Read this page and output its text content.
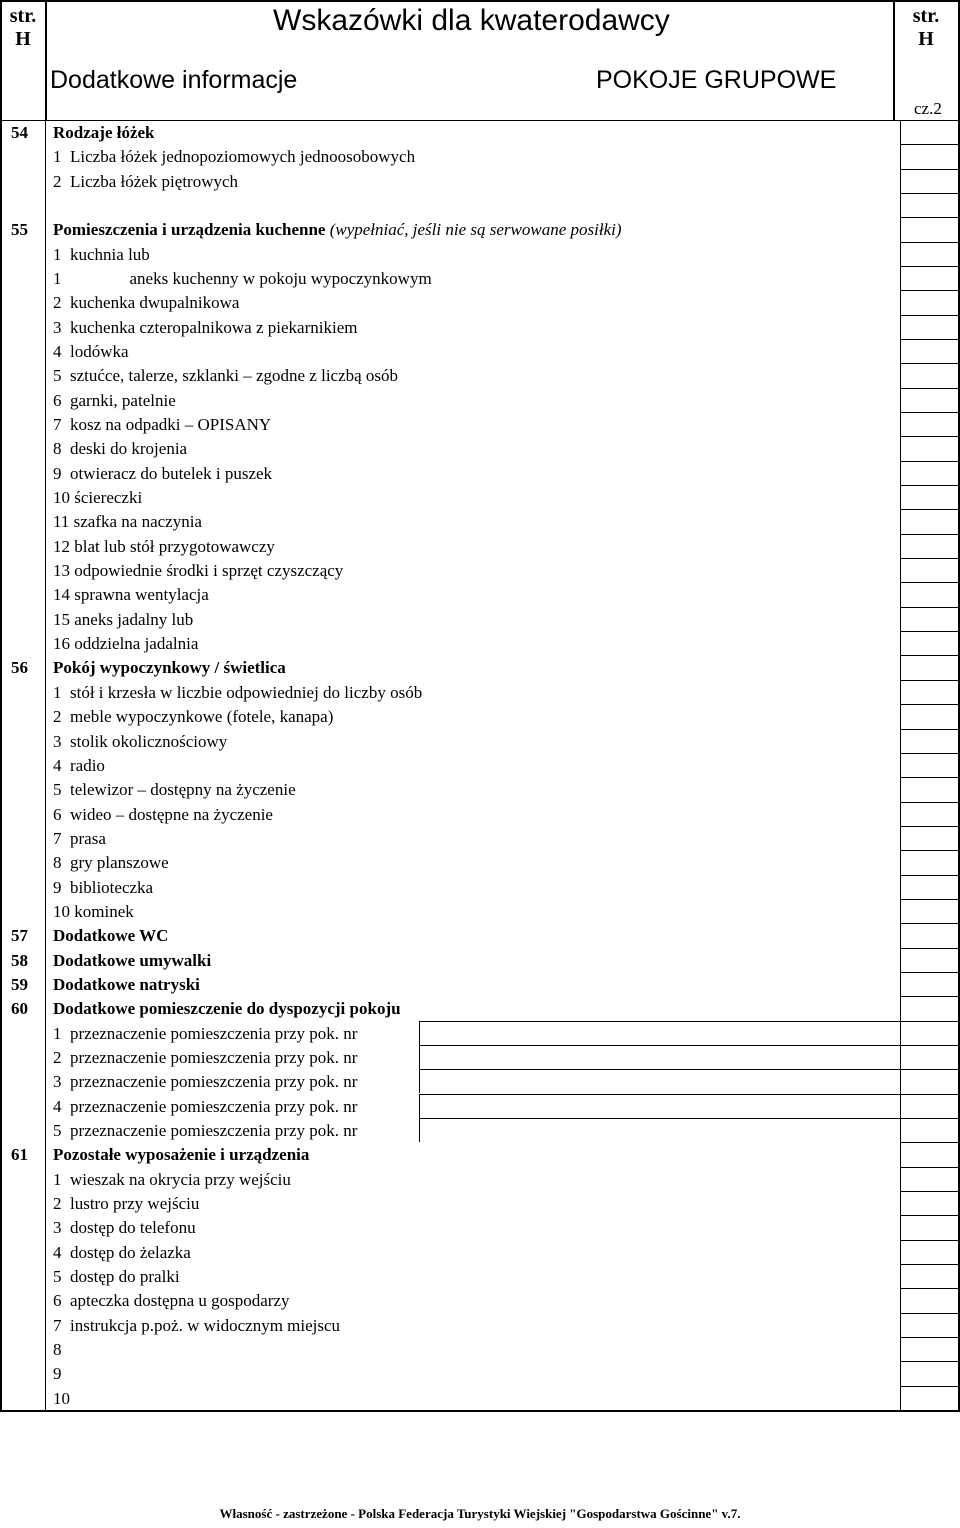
str.
H
Wskazówki dla kwaterodawcy	str.
H
Dodatkowe informacje	POKOJE GRUPOWE
cz.2
54 Rodzaje łóżek
1  Liczba łóżek jednopoziomowych jednoosobowych
2  Liczba łóżek piętrowych
55 Pomieszczenia i urządzenia kuchenne (wypełniać, jeśli nie są serwowane posiłki)
1  kuchnia lub
1                aneks kuchenny w pokoju wypoczynkowym
2  kuchenka dwupalnikowa
3  kuchenka czteropalnikowa z piekarnikiem
4  lodówka
5  sztućce, talerze, szklanki – zgodne z liczbą osób
6  garnki, patelnie
7  kosz na odpadki – OPISANY
8  deski do krojenia
9  otwieracz do butelek i puszek
10 ściereczki
11 szafka na naczynia
12 blat lub stół przygotowawczy
13 odpowiednie środki i sprzęt czyszczący
14 sprawna wentylacja
15 aneks jadalny lub
16 oddzielna jadalnia
56 Pokój wypoczynkowy / świetlica
1  stół i krzesła w liczbie odpowiedniej do liczby osób
2  meble wypoczynkowe (fotele, kanapa)
3  stolik okolicznościowy
4  radio
5  telewizor – dostępny na życzenie
6  wideo – dostępne na życzenie
7  prasa
8  gry planszowe
9  biblioteczka
10 kominek
57 Dodatkowe WC
58 Dodatkowe umywalki
59 Dodatkowe natryski
60 Dodatkowe pomieszczenie do dyspozycji pokoju
1  przeznaczenie pomieszczenia przy pok. nr
2  przeznaczenie pomieszczenia przy pok. nr
3  przeznaczenie pomieszczenia przy pok. nr
4  przeznaczenie pomieszczenia przy pok. nr
5  przeznaczenie pomieszczenia przy pok. nr
61 Pozostałe wyposażenie i urządzenia
1  wieszak na okrycia przy wejściu
2  lustro przy wejściu
3  dostęp do telefonu
4  dostęp do żelazka
5  dostęp do pralki
6  apteczka dostępna u gospodarzy
7  instrukcja p.poż. w widocznym miejscu
8
9
10
Własność - zastrzeżone - Polska Federacja Turystyki Wiejskiej "Gospodarstwa Gościnne" v.7.
